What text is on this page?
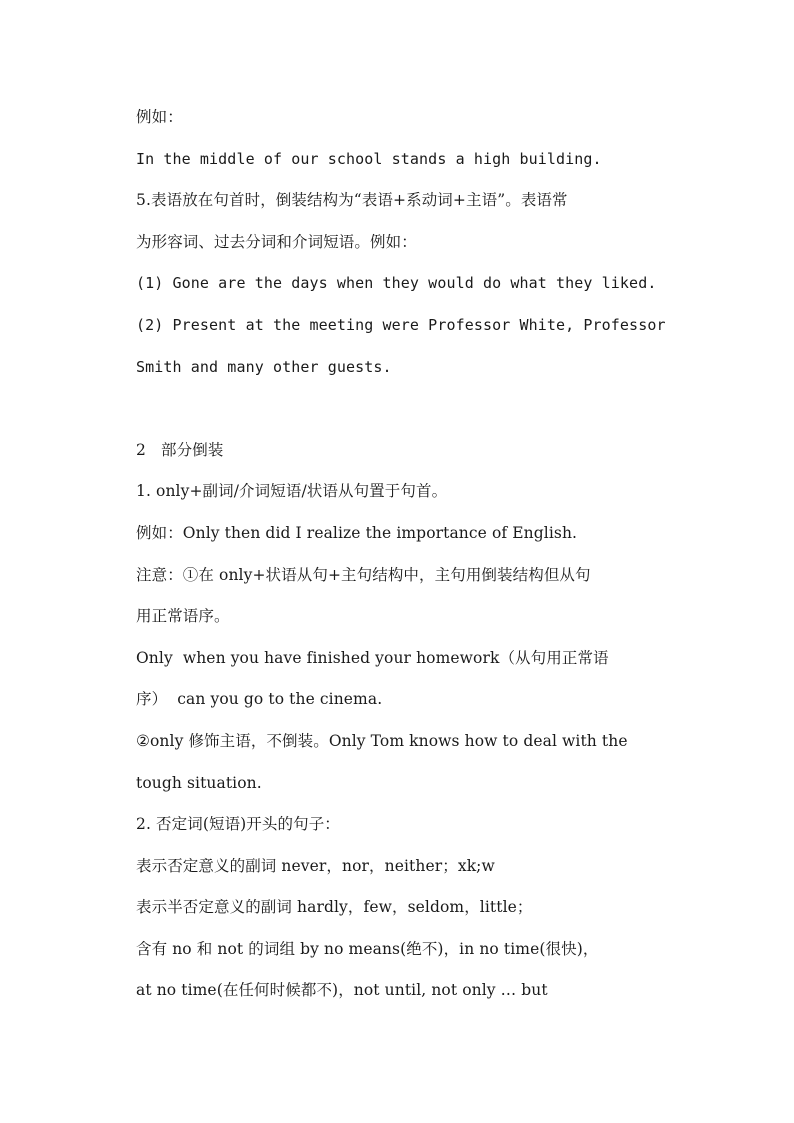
例如：
In the middle of our school stands a high building.
5.表语放在句首时，倒装结构为“表语+系动词+主语”。表语常
为形容词、过去分词和介词短语。例如：
(1) Gone are the days when they would do what they liked.
(2) Present at the meeting were Professor White, Professor
Smith and many other guests.
2   部分倒装
1. only+副词/介词短语/状语从句置于句首。
例如：Only then did I realize the importance of English.
注意：①在 only+状语从句+主句结构中，主句用倒装结构但从句
用正常语序。
Only  when you have finished your homework（从句用正常语
序）  can you go to the cinema.
②only 修饰主语，不倒装。Only Tom knows how to deal with the
tough situation.
2. 否定词(短语)开头的句子：
表示否定意义的副词 never，nor，neither；xk;w
表示半否定意义的副词 hardly，few，seldom，little；
含有 no 和 not 的词组 by no means(绝不)，in no time(很快)，
at no time(在任何时候都不)，not until, not only … but
